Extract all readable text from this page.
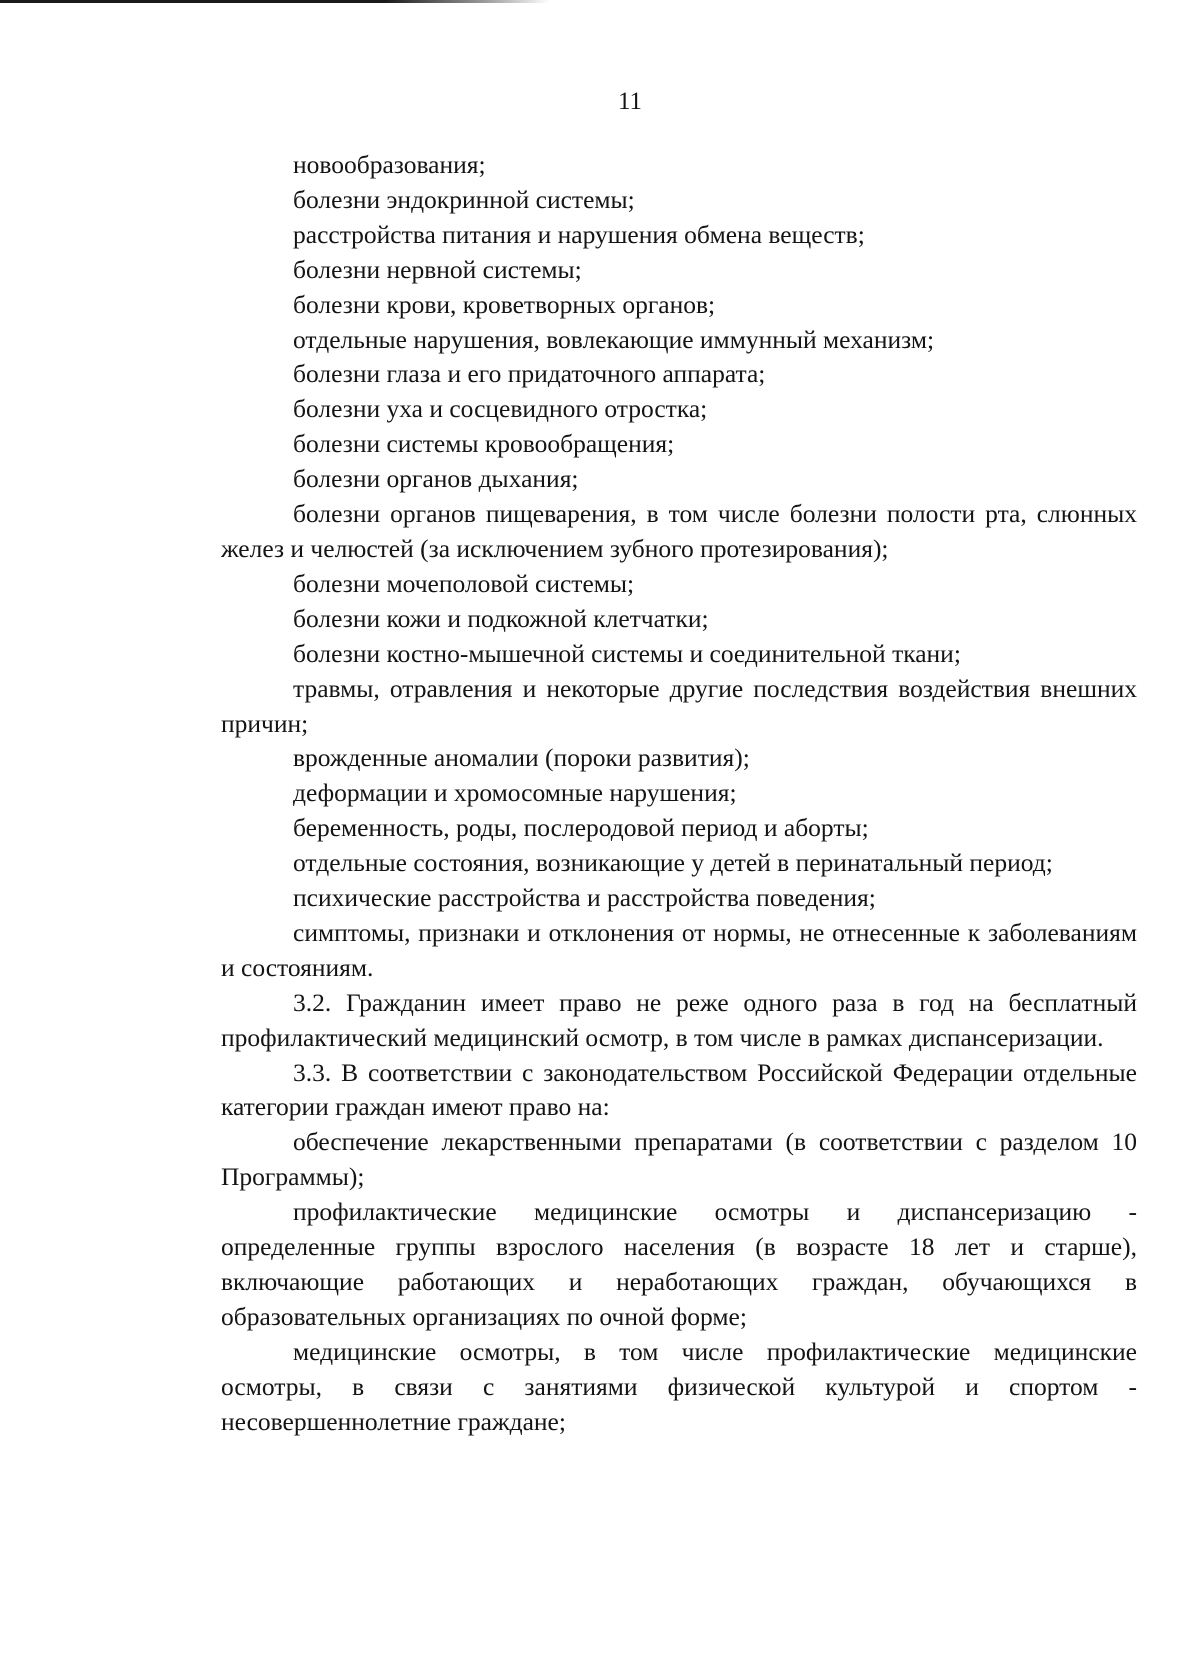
11

новообразования;

болезни эндокринной системы;

расстройства питания и нарушения обмена веществ;

болезни нервной системы;

болезни крови, кроветворных органов;

отдельные нарушения, вовлекающие иммунный механизм;

болезни глаза и его придаточного аппарата;

болезни уха и сосцевидного отростка;

болезни системы кровообращения;

болезни органов дыхания;

болезни органов пищеварения, в том числе болезни полости рта, слюнных желез и челюстей (за исключением зубного протезирования);

болезни мочеполовой системы;

болезни кожи и подкожной клетчатки;

болезни костно-мышечной системы и соединительной ткани;

травмы, отравления и некоторые другие последствия воздействия внешних причин;

врожденные аномалии (пороки развития);

деформации и хромосомные нарушения;

беременность, роды, послеродовой период и аборты;

отдельные состояния, возникающие у детей в перинатальный период;

психические расстройства и расстройства поведения;

симптомы, признаки и отклонения от нормы, не отнесенные к заболеваниям и состояниям.

3.2. Гражданин имеет право не реже одного раза в год на бесплатный профилактический медицинский осмотр, в том числе в рамках диспансеризации.

3.3. В соответствии с законодательством Российской Федерации отдельные категории граждан имеют право на:

обеспечение лекарственными препаратами (в соответствии с разделом 10 Программы);

профилактические медицинские осмотры и диспансеризацию - определенные группы взрослого населения (в возрасте 18 лет и старше), включающие работающих и неработающих граждан, обучающихся в образовательных организациях по очной форме;

медицинские осмотры, в том числе профилактические медицинские осмотры, в связи с занятиями физической культурой и спортом - несовершеннолетние граждане;
